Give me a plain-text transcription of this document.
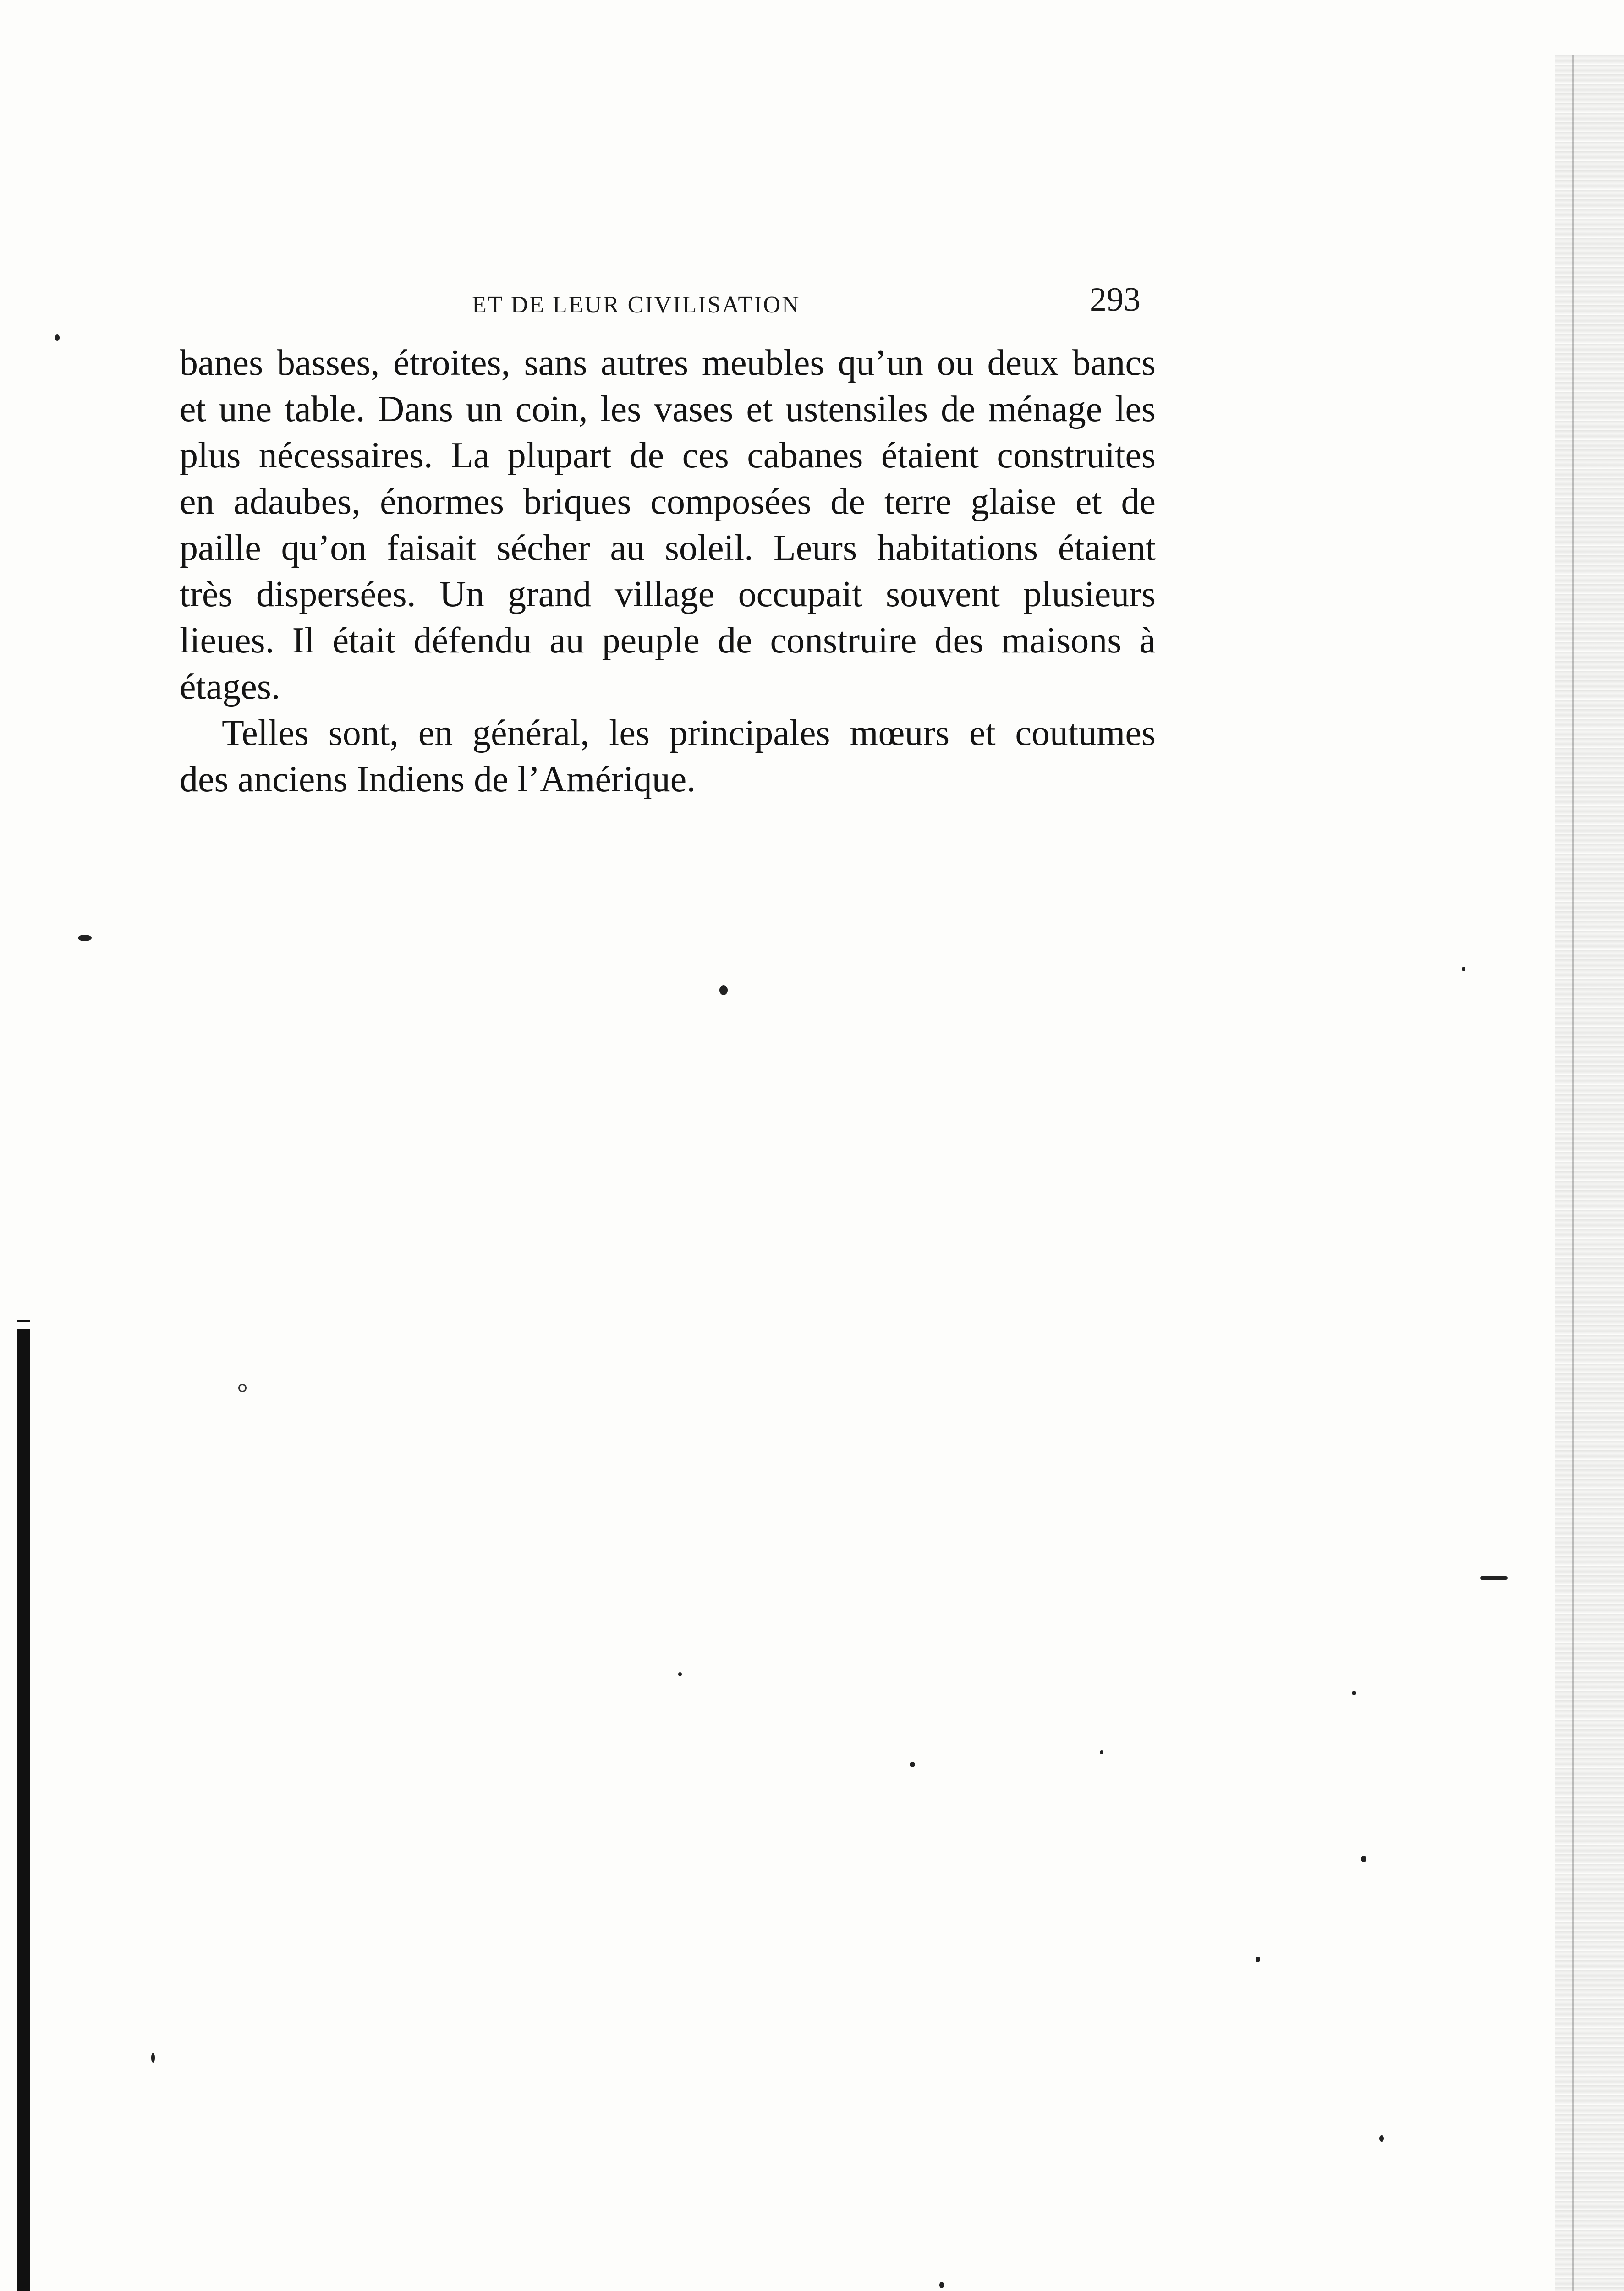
ET DE LEUR CIVILISATION	293
banes basses, étroites, sans autres meubles qu’un ou deux bancs
et une table. Dans un coin, les vases et ustensiles de ménage les
plus nécessaires. La plupart de ces cabanes étaient construites
en adaubes, énormes briques composées de terre glaise et de
paille qu’on faisait sécher au soleil. Leurs habitations étaient
très dispersées. Un grand village occupait souvent plusieurs
lieues. Il était défendu au peuple de construire des maisons à
étages.
Telles sont, en général, les principales mœurs et coutumes
des anciens Indiens de l’Amérique.
